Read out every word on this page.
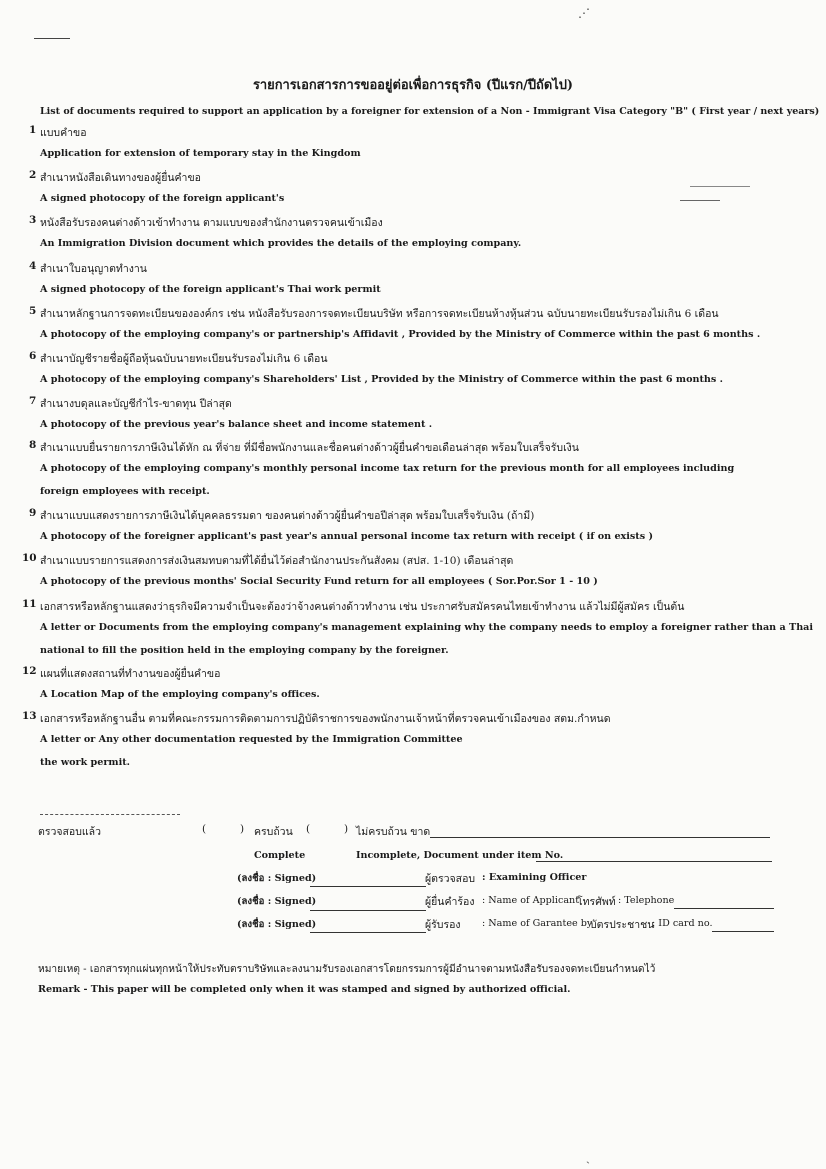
⋰
รายการเอกสารการขออยู่ต่อเพื่อการธุรกิจ (ปีแรก/ปีถัดไป)
List of documents required to support an application by a foreigner for extension of a Non - Immigrant Visa Category "B" ( First year / next years)
1 แบบคำขอ
Application for extension of temporary stay in the Kingdom
2 สำเนาหนังสือเดินทางของผู้ยื่นคำขอ
A signed photocopy of the foreign applicant's
3 หนังสือรับรองคนต่างด้าวเข้าทำงาน ตามแบบของสำนักงานตรวจคนเข้าเมือง
An Immigration Division document which provides the details of the employing company.
4 สำเนาใบอนุญาตทำงาน
A signed photocopy of the foreign applicant's Thai work permit
5 สำเนาหลักฐานการจดทะเบียนขององค์กร เช่น หนังสือรับรองการจดทะเบียนบริษัท หรือการจดทะเบียนห้างหุ้นส่วน ฉบับนายทะเบียนรับรองไม่เกิน 6 เดือน
A photocopy of the employing company's or partnership's Affidavit , Provided by the Ministry of Commerce within the past 6 months .
6 สำเนาบัญชีรายชื่อผู้ถือหุ้นฉบับนายทะเบียนรับรองไม่เกิน 6 เดือน
A photocopy of the employing company's Shareholders' List , Provided by the Ministry of Commerce within the past 6 months .
7 สำเนางบดุลและบัญชีกำไร-ขาดทุน ปีล่าสุด
A photocopy of the previous year's balance sheet and income statement .
8 สำเนาแบบยื่นรายการภาษีเงินได้หัก ณ ที่จ่าย ที่มีชื่อพนักงานและชื่อคนต่างด้าวผู้ยื่นคำขอเดือนล่าสุด พร้อมใบเสร็จรับเงิน
A photocopy of the employing company's monthly personal income tax return for the previous month for all employees including
foreign employees with receipt.
9 สำเนาแบบแสดงรายการภาษีเงินได้บุคคลธรรมดา ของคนต่างด้าวผู้ยื่นคำขอปีล่าสุด พร้อมใบเสร็จรับเงิน (ถ้ามี)
A photocopy of the foreigner applicant's past year's annual personal income tax return with receipt ( if on exists )
10 สำเนาแบบรายการแสดงการส่งเงินสมทบตามที่ได้ยื่นไว้ต่อสำนักงานประกันสังคม (สปส. 1-10) เดือนล่าสุด
A photocopy of the previous months' Social Security Fund return for all employees ( Sor.Por.Sor 1 - 10 )
11 เอกสารหรือหลักฐานแสดงว่าธุรกิจมีความจำเป็นจะต้องว่าจ้างคนต่างด้าวทำงาน เช่น ประกาศรับสมัครคนไทยเข้าทำงาน แล้วไม่มีผู้สมัคร เป็นต้น
A letter or Documents from the employing company's management explaining why the company needs to employ a foreigner rather than a Thai
national to fill the position held in the employing company by the foreigner.
12 แผนที่แสดงสถานที่ทำงานของผู้ยื่นคำขอ
A Location Map of the employing company's offices.
13 เอกสารหรือหลักฐานอื่น ตามที่คณะกรรมการติดตามการปฏิบัติราชการของพนักงานเจ้าหน้าที่ตรวจคนเข้าเมืองของ สตม.กำหนด
A letter or Any other documentation requested by the Immigration Committee
the work permit.
ตรวจสอบแล้ว	(	) ครบถ้วน (	) ไม่ครบถ้วน ขาด
Complete	Incomplete, Document under item No.
(ลงชื่อ : Signed)	ผู้ตรวจสอบ : Examining Officer
(ลงชื่อ : Signed)	ผู้ยื่นคำร้อง : Name of Applicant
โทรศัพท์ : Telephone
(ลงชื่อ : Signed)	ผู้รับรอง : Name of Garantee by
บัตรประชาชน
: ID card no.
หมายเหตุ - เอกสารทุกแผ่นทุกหน้าให้ประทับตราบริษัทและลงนามรับรองเอกสารโดยกรรมการผู้มีอำนาจตามหนังสือรับรองจดทะเบียนกำหนดไว้
Remark - This paper will be completed only when it was stamped and signed by authorized official.
ˏ
